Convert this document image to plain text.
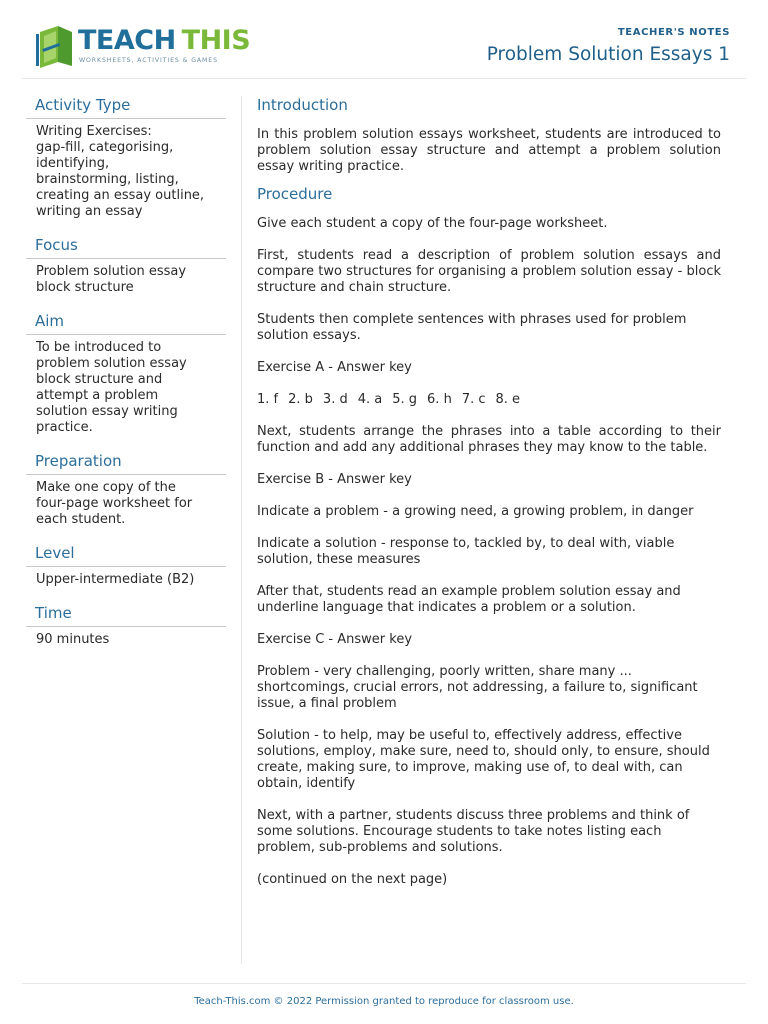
TEACH THIS
WORKSHEETS, ACTIVITIES & GAMES
TEACHER'S NOTES
Problem Solution Essays 1
Activity Type
Writing Exercises:
gap-fill, categorising,
identifying,
brainstorming, listing,
creating an essay outline,
writing an essay
Focus
Problem solution essay
block structure
Aim
To be introduced to
problem solution essay
block structure and
attempt a problem
solution essay writing
practice.
Preparation
Make one copy of the
four-page worksheet for
each student.
Level
Upper-intermediate (B2)
Time
90 minutes
Introduction

In this problem solution essays worksheet, students are introduced to problem solution essay structure and attempt a problem solution essay writing practice.

Procedure

Give each student a copy of the four-page worksheet.

First, students read a description of problem solution essays and compare two structures for organising a problem solution essay - block structure and chain structure.

Students then complete sentences with phrases used for problem solution essays.

Exercise A - Answer key

1. f 2. b 3. d 4. a 5. g 6. h 7. c 8. e

Next, students arrange the phrases into a table according to their function and add any additional phrases they may know to the table.

Exercise B - Answer key

Indicate a problem - a growing need, a growing problem, in danger

Indicate a solution - response to, tackled by, to deal with, viable solution, these measures

After that, students read an example problem solution essay and underline language that indicates a problem or a solution.

Exercise C - Answer key

Problem - very challenging, poorly written, share many ... shortcomings, crucial errors, not addressing, a failure to, significant issue, a final problem

Solution - to help, may be useful to, effectively address, effective solutions, employ, make sure, need to, should only, to ensure, should create, making sure, to improve, making use of, to deal with, can obtain, identify

Next, with a partner, students discuss three problems and think of some solutions. Encourage students to take notes listing each problem, sub-problems and solutions.

(continued on the next page)

Teach-This.com © 2022 Permission granted to reproduce for classroom use.
